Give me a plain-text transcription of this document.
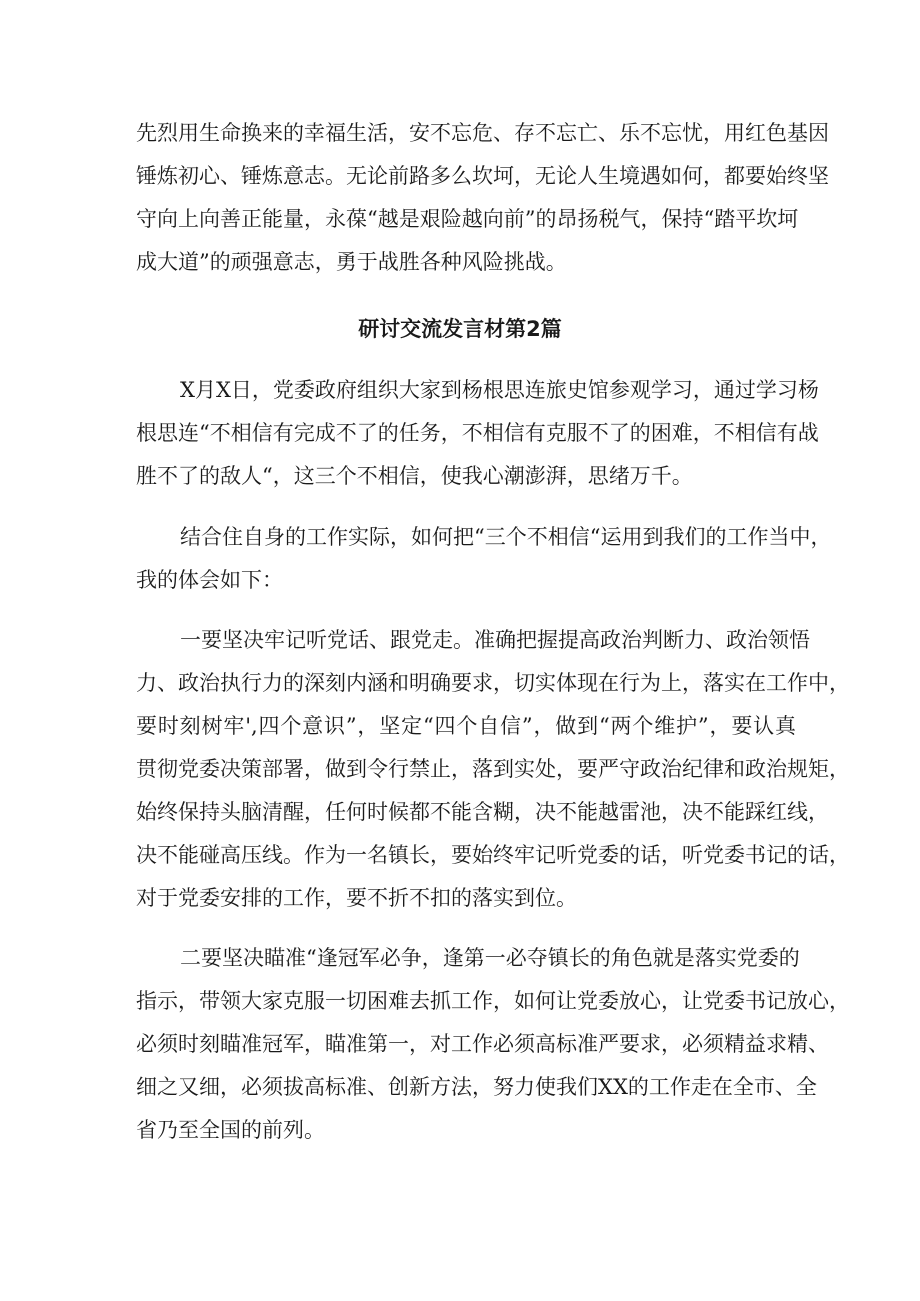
先烈用生命换来的幸福生活，安不忘危、存不忘亡、乐不忘忧，用红色基因
锤炼初心、锤炼意志。无论前路多么坎坷，无论人生境遇如何，都要始终坚
守向上向善正能量，永葆“越是艰险越向前”的昂扬税气，保持“踏平坎坷
成大道”的顽强意志，勇于战胜各种风险挑战。
研讨交流发言材第2篇
X月X日，党委政府组织大家到杨根思连旅史馆参观学习，通过学习杨
根思连“不相信有完成不了的任务，不相信有克服不了的困难，不相信有战
胜不了的敌人“，这三个不相信，使我心潮澎湃，思绪万千。
结合住自身的工作实际，如何把“三个不相信“运用到我们的工作当中，
我的体会如下：
一要坚决牢记听党话、跟党走。准确把握提高政治判断力、政治领悟
力、政治执行力的深刻内涵和明确要求，切实体现在行为上，落实在工作中，
要时刻树牢',四个意识”，坚定“四个自信”，做到“两个维护”，要认真
贯彻党委决策部署，做到令行禁止，落到实处，要严守政治纪律和政治规矩，
始终保持头脑清醒，任何时候都不能含糊，决不能越雷池，决不能踩红线，
决不能碰高压线。作为一名镇长，要始终牢记听党委的话，听党委书记的话，
对于党委安排的工作，要不折不扣的落实到位。
二要坚决瞄准“逢冠军必争，逢第一必夺镇长的角色就是落实党委的
指示，带领大家克服一切困难去抓工作，如何让党委放心，让党委书记放心，
必须时刻瞄准冠军，瞄准第一，对工作必须高标准严要求，必须精益求精、
细之又细，必须拔高标准、创新方法，努力使我们XX的工作走在全市、全
省乃至全国的前列。
